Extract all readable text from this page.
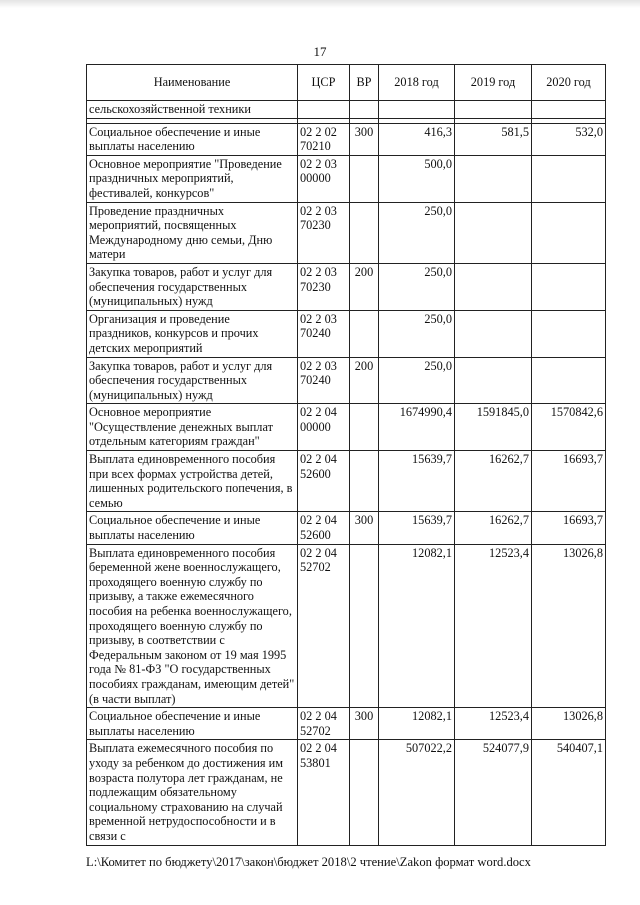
17
Наименование	ЦСР	ВР	2018 год	2019 год	2020 год
сельскохозяйственной техники					

Социальное обеспечение и иные выплаты населению	02 2 02 70210	300	416,3	581,5	532,0
Основное мероприятие "Проведение праздничных мероприятий, фестивалей, конкурсов"	02 2 03 00000		500,0		
Проведение праздничных мероприятий, посвященных Международному дню семьи, Дню матери	02 2 03 70230		250,0		
Закупка товаров, работ и услуг для обеспечения государственных (муниципальных) нужд	02 2 03 70230	200	250,0		
Организация и проведение праздников, конкурсов и прочих детских мероприятий	02 2 03 70240		250,0		
Закупка товаров, работ и услуг для обеспечения государственных (муниципальных) нужд	02 2 03 70240	200	250,0		
Основное мероприятие "Осуществление денежных выплат отдельным категориям граждан"	02 2 04 00000		1674990,4	1591845,0	1570842,6
Выплата единовременного пособия при всех формах устройства детей, лишенных родительского попечения, в семью	02 2 04 52600		15639,7	16262,7	16693,7
Социальное обеспечение и иные выплаты населению	02 2 04 52600	300	15639,7	16262,7	16693,7
Выплата единовременного пособия беременной жене военнослужащего, проходящего военную службу по призыву, а также ежемесячного пособия на ребенка военнослужащего, проходящего военную службу по призыву, в соответствии с Федеральным законом от 19 мая 1995 года № 81-ФЗ "О государственных пособиях гражданам, имеющим детей" (в части выплат)	02 2 04 52702		12082,1	12523,4	13026,8
Социальное обеспечение и иные выплаты населению	02 2 04 52702	300	12082,1	12523,4	13026,8
Выплата ежемесячного пособия по уходу за ребенком до достижения им возраста полутора лет гражданам, не подлежащим обязательному социальному страхованию на случай временной нетрудоспособности и в связи с	02 2 04 53801		507022,2	524077,9	540407,1
L:\Комитет по бюджету\2017\закон\бюджет 2018\2 чтение\Zakon формат word.docx
